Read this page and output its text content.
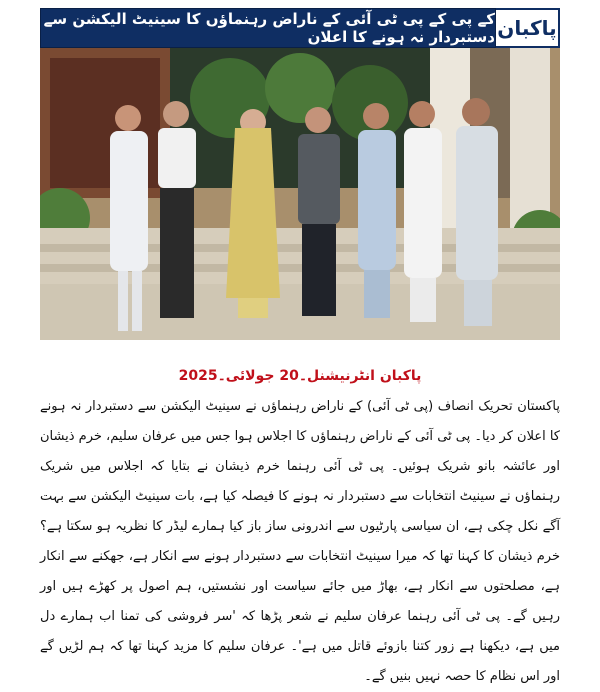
کے پی کے پی ٹی آئی کے ناراض رہنماؤں کا سینیٹ الیکشن سے دستبردار نہ ہونے کا اعلان پاکبان
پاکبان انٹرنیشنل۔20 جولائی۔2025

پاکستان تحریک انصاف (پی ٹی آئی) کے ناراض رہنماؤں نے سینیٹ الیکشن سے دستبردار نہ ہونے کا اعلان کر دیا۔ پی ٹی آئی کے ناراض رہنماؤں کا اجلاس ہوا جس میں عرفان سلیم، خرم ذیشان اور عائشہ بانو شریک ہوئیں۔ پی ٹی آئی رہنما خرم ذیشان نے بتایا کہ اجلاس میں شریک رہنماؤں نے سینیٹ انتخابات سے دستبردار نہ ہونے کا فیصلہ کیا ہے، بات سینیٹ الیکشن سے بہت آگے نکل چکی ہے، ان سیاسی پارٹیوں سے اندرونی ساز باز کیا ہمارے لیڈر کا نظریہ ہو سکتا ہے؟ خرم ذیشان کا کہنا تھا کہ میرا سینیٹ انتخابات سے دستبردار ہونے سے انکار ہے، جھکنے سے انکار ہے، مصلحتوں سے انکار ہے، بھاڑ میں جائے سیاست اور نشستیں، ہم اصول پر کھڑے ہیں اور رہیں گے۔ پی ٹی آئی رہنما عرفان سلیم نے شعر پڑھا کہ 'سر فروشی کی تمنا اب ہمارے دل میں ہے، دیکھنا ہے زور کتنا بازوئے قاتل میں ہے'۔ عرفان سلیم کا مزید کہنا تھا کہ ہم لڑیں گے اور اس نظام کا حصہ نہیں بنیں گے۔
